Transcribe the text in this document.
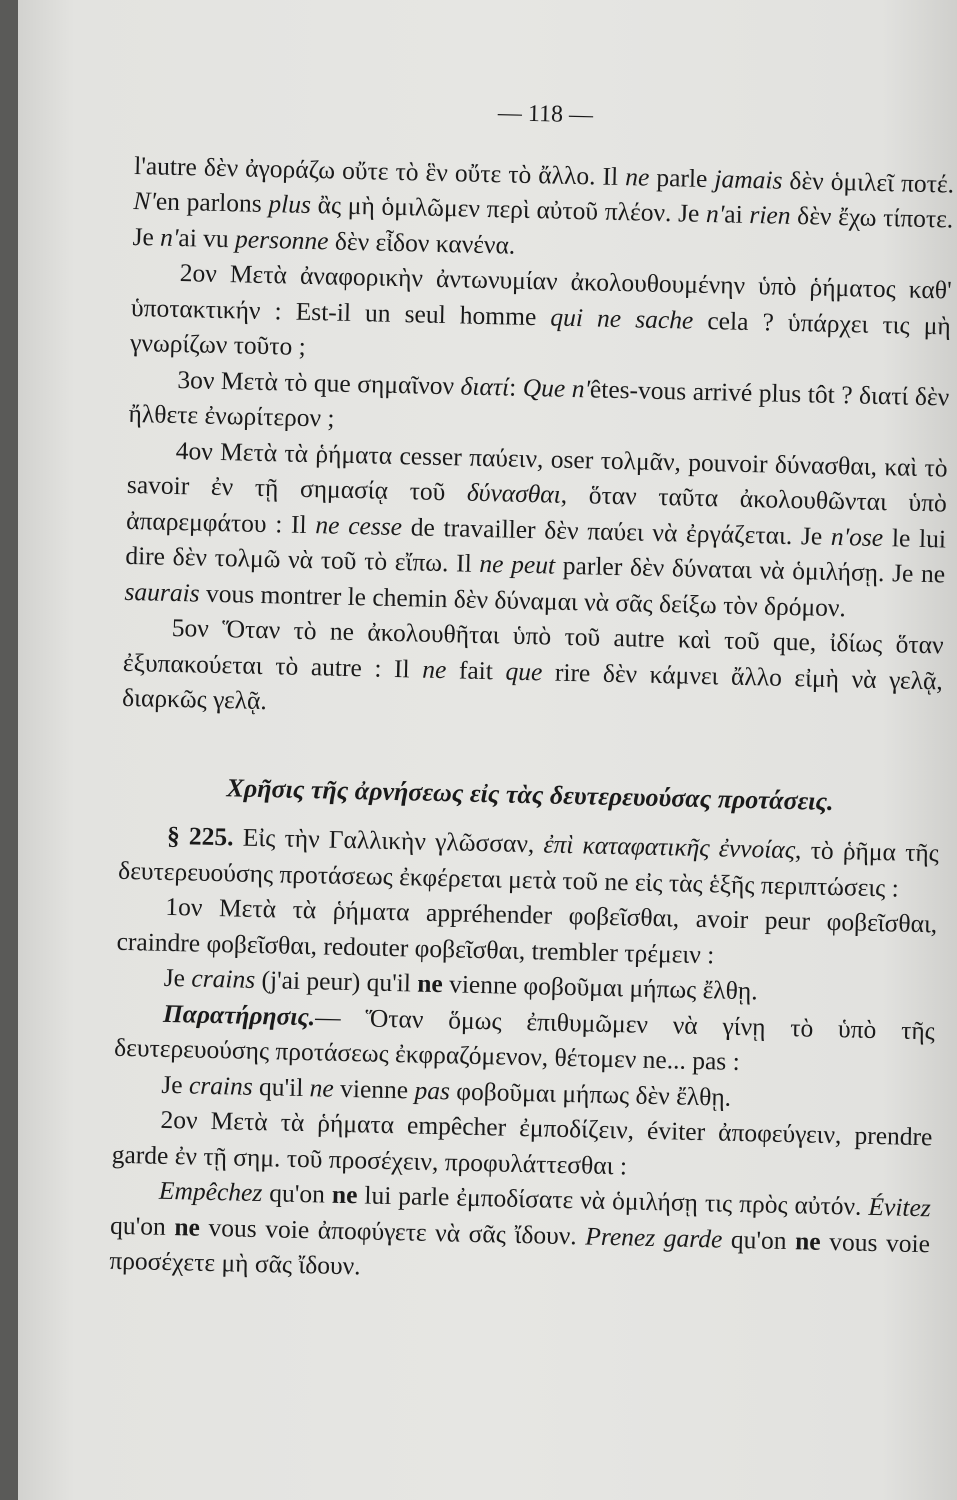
— 118 —

l'autre δὲν ἀγοράζω οὔτε τὸ ἓν οὔτε τὸ ἄλλο. Il ne parle jamais δὲν ὁμιλεῖ ποτέ. N'en parlons plus ἂς μὴ ὁμιλῶμεν περὶ αὐτοῦ πλέον. Je n'ai rien δὲν ἔχω τίποτε. Je n'ai vu personne δὲν εἶδον κανένα.

2ον Μετὰ ἀναφορικὴν ἀντωνυμίαν ἀκολουθουμένην ὑπὸ ῥήματος καθ' ὑποτακτικήν : Est-il un seul homme qui ne sache cela ? ὑπάρχει τις μὴ γνωρίζων τοῦτο ;

3ον Μετὰ τὸ que σημαῖνον διατί: Que n'êtes-vous arrivé plus tôt ? διατί δὲν ἤλθετε ἐνωρίτερον ;

4ον Μετὰ τὰ ῥήματα cesser παύειν, oser τολμᾶν, pouvoir δύνασθαι, καὶ τὸ savoir ἐν τῇ σημασίᾳ τοῦ δύνασθαι, ὅταν ταῦτα ἀκολουθῶνται ὑπὸ ἀπαρεμφάτου : Il ne cesse de travailler δὲν παύει νὰ ἐργάζεται. Je n'ose le lui dire δὲν τολμῶ νὰ τοῦ τὸ εἴπω. Il ne peut parler δὲν δύναται νὰ ὁμιλήσῃ. Je ne saurais vous montrer le chemin δὲν δύναμαι νὰ σᾶς δείξω τὸν δρόμον.

5ον Ὅταν τὸ ne ἀκολουθῆται ὑπὸ τοῦ autre καὶ τοῦ que, ἰδίως ὅταν ἐξυπακούεται τὸ autre : Il ne fait que rire δὲν κάμνει ἄλλο εἰμὴ νὰ γελᾷ, διαρκῶς γελᾷ.

Χρῆσις τῆς ἀρνήσεως εἰς τὰς δευτερευούσας προτάσεις.

§ 225. Εἰς τὴν Γαλλικὴν γλῶσσαν, ἐπὶ καταφατικῆς ἐννοίας, τὸ ῥῆμα τῆς δευτερευούσης προτάσεως ἐκφέρεται μετὰ τοῦ ne εἰς τὰς ἑξῆς περιπτώσεις :

1ον Μετὰ τὰ ῥήματα appréhender φοβεῖσθαι, avoir peur φοβεῖσθαι, craindre φοβεῖσθαι, redouter φοβεῖσθαι, trembler τρέμειν :

Je crains (j'ai peur) qu'il ne vienne φοβοῦμαι μήπως ἔλθῃ.

Παρατήρησις.— Ὅταν ὅμως ἐπιθυμῶμεν νὰ γίνῃ τὸ ὑπὸ τῆς δευτερευούσης προτάσεως ἐκφραζόμενον, θέτομεν ne... pas :

Je crains qu'il ne vienne pas φοβοῦμαι μήπως δὲν ἔλθῃ.

2ον Μετὰ τὰ ῥήματα empêcher ἐμποδίζειν, éviter ἀποφεύγειν, prendre garde ἐν τῇ σημ. τοῦ προσέχειν, προφυλάττεσθαι :

Empêchez qu'on ne lui parle ἐμποδίσατε νὰ ὁμιλήσῃ τις πρὸς αὐτόν. Évitez qu'on ne vous voie ἀποφύγετε νὰ σᾶς ἴδουν. Prenez garde qu'on ne vous voie προσέχετε μὴ σᾶς ἴδουν.
